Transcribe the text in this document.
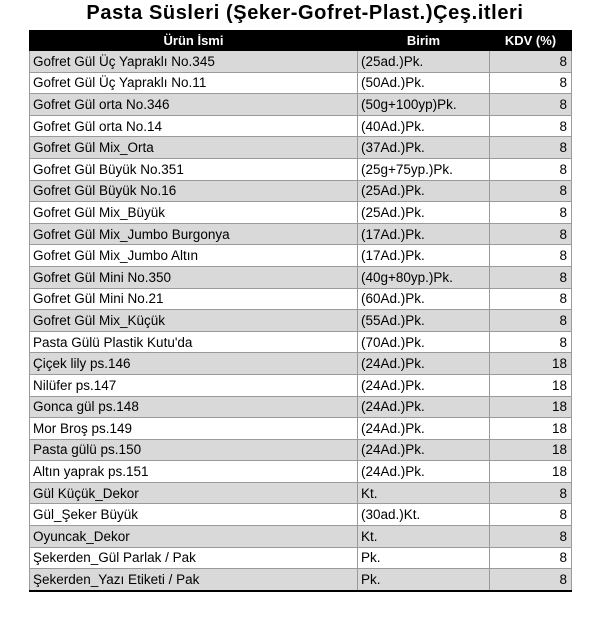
Pasta Süsleri (Şeker-Gofret-Plast.)Çeş.itleri
Ürün İsmi	Birim	KDV (%)
Gofret Gül Üç Yapraklı No.345	(25ad.)Pk.	8
Gofret Gül Üç Yapraklı No.11	(50Ad.)Pk.	8
Gofret Gül orta No.346	(50g+100yp)Pk.	8
Gofret Gül orta No.14	(40Ad.)Pk.	8
Gofret Gül Mix_Orta	(37Ad.)Pk.	8
Gofret Gül Büyük No.351	(25g+75yp.)Pk.	8
Gofret Gül Büyük No.16	(25Ad.)Pk.	8
Gofret Gül Mix_Büyük	(25Ad.)Pk.	8
Gofret Gül Mix_Jumbo Burgonya	(17Ad.)Pk.	8
Gofret Gül Mix_Jumbo Altın	(17Ad.)Pk.	8
Gofret Gül Mini No.350	(40g+80yp.)Pk.	8
Gofret Gül Mini No.21	(60Ad.)Pk.	8
Gofret Gül Mix_Küçük	(55Ad.)Pk.	8
Pasta Gülü Plastik Kutu'da	(70Ad.)Pk.	8
Çiçek lily ps.146	(24Ad.)Pk.	18
Nilüfer ps.147	(24Ad.)Pk.	18
Gonca gül ps.148	(24Ad.)Pk.	18
Mor Broş ps.149	(24Ad.)Pk.	18
Pasta gülü ps.150	(24Ad.)Pk.	18
Altın yaprak ps.151	(24Ad.)Pk.	18
Gül Küçük_Dekor	Kt.	8
Gül_Şeker Büyük	(30ad.)Kt.	8
Oyuncak_Dekor	Kt.	8
Şekerden_Gül Parlak / Pak	Pk.	8
Şekerden_Yazı Etiketi / Pak	Pk.	8
